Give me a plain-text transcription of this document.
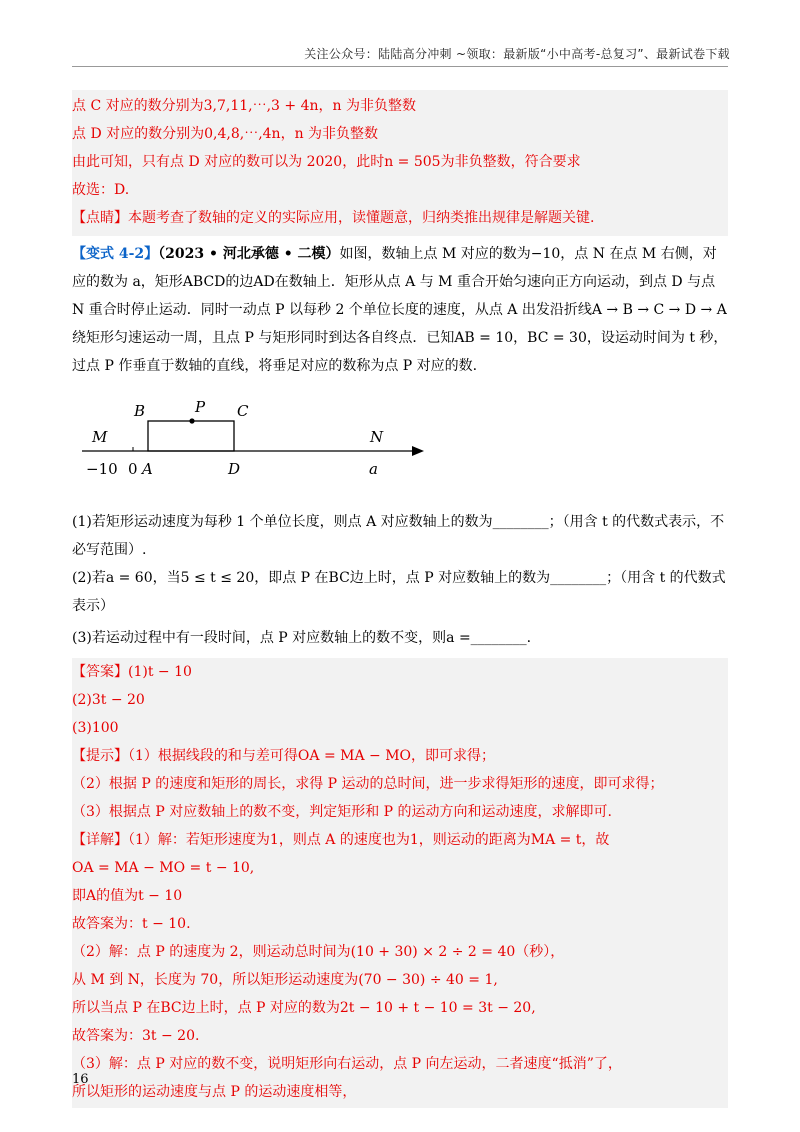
关注公众号：陆陆高分冲刺 ~领取：最新版“小中高考-总复习”、最新试卷下载
点 C 对应的数分别为3,7,11,⋯,3 + 4n，n 为非负整数
点 D 对应的数分别为0,4,8,⋯,4n，n 为非负整数
由此可知，只有点 D 对应的数可以为 2020，此时n = 505为非负整数，符合要求
故选：D.
【点睛】本题考查了数轴的定义的实际应用，读懂题意，归纳类推出规律是解题关键.
【变式 4-2】（2023 • 河北承德 • 二模）如图，数轴上点 M 对应的数为−10，点 N 在点 M 右侧，对应的数为 a，矩形ABCD的边AD在数轴上．矩形从点 A 与 M 重合开始匀速向正方向运动，到点 D 与点 N 重合时停止运动．同时一动点 P 以每秒 2 个单位长度的速度，从点 A 出发沿折线A → B → C → D → A绕矩形匀速运动一周，且点 P 与矩形同时到达各自终点．已知AB = 10，BC = 30，设运动时间为 t 秒，过点 P 作垂直于数轴的直线，将垂足对应的数称为点 P 对应的数.
B	P C
M	N
−10 0 A	D	a
(1)若矩形运动速度为每秒 1 个单位长度，则点 A 对应数轴上的数为________；（用含 t 的代数式表示，不必写范围）.
(2)若a = 60，当5 ≤ t ≤ 20，即点 P 在BC边上时，点 P 对应数轴上的数为________；（用含 t 的代数式表示）
(3)若运动过程中有一段时间，点 P 对应数轴上的数不变，则a =________.
【答案】(1)t − 10
(2)3t − 20
(3)100
【提示】（1）根据线段的和与差可得OA = MA − MO，即可求得；
（2）根据 P 的速度和矩形的周长，求得 P 运动的总时间，进一步求得矩形的速度，即可求得；
（3）根据点 P 对应数轴上的数不变，判定矩形和 P 的运动方向和运动速度，求解即可.
【详解】（1）解：若矩形速度为1，则点 A 的速度也为1，则运动的距离为MA = t，故
OA = MA − MO = t − 10,
即A的值为t − 10
故答案为：t − 10.
（2）解：点 P 的速度为 2，则运动总时间为(10 + 30) × 2 ÷ 2 = 40（秒），
从 M 到 N，长度为 70，所以矩形运动速度为(70 − 30) ÷ 40 = 1,
所以当点 P 在BC边上时，点 P 对应的数为2t − 10 + t − 10 = 3t − 20,
故答案为：3t − 20.
（3）解：点 P 对应的数不变，说明矩形向右运动，点 P 向左运动，二者速度“抵消”了，
所以矩形的运动速度与点 P 的运动速度相等，
16
